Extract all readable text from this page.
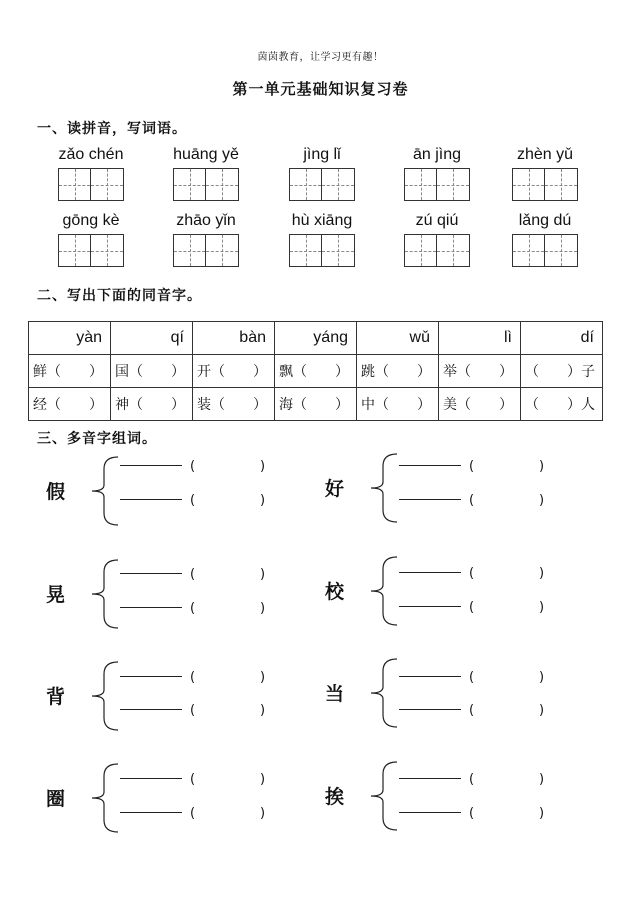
茵茵教育，让学习更有趣！
第一单元基础知识复习卷
一、读拼音，写词语。
zǎo chén	huāng yě	jìng lǐ	ān jìng	zhèn yǔ
gōng kè	zhāo yǐn	hù xiāng	zú qiú	lǎng dú
二、写出下面的同音字。
yàn	qí	bàn	yáng	wǔ	lì	dí
鲜（　　）	国（　　）	开（　　）	飘（　　）	跳（　　）	举（　　）	（　　）子
经（　　）	神（　　）	装（　　）	海（　　）	中（　　）	美（　　）	（　　）人
三、多音字组词。
假
(	)
(	)
好
(	)
(	)
晃
(	)
(	)
校
(	)
(	)
背
(	)
(	)
当
(	)
(	)
圈
(	)
(	)
挨
(	)
(	)
